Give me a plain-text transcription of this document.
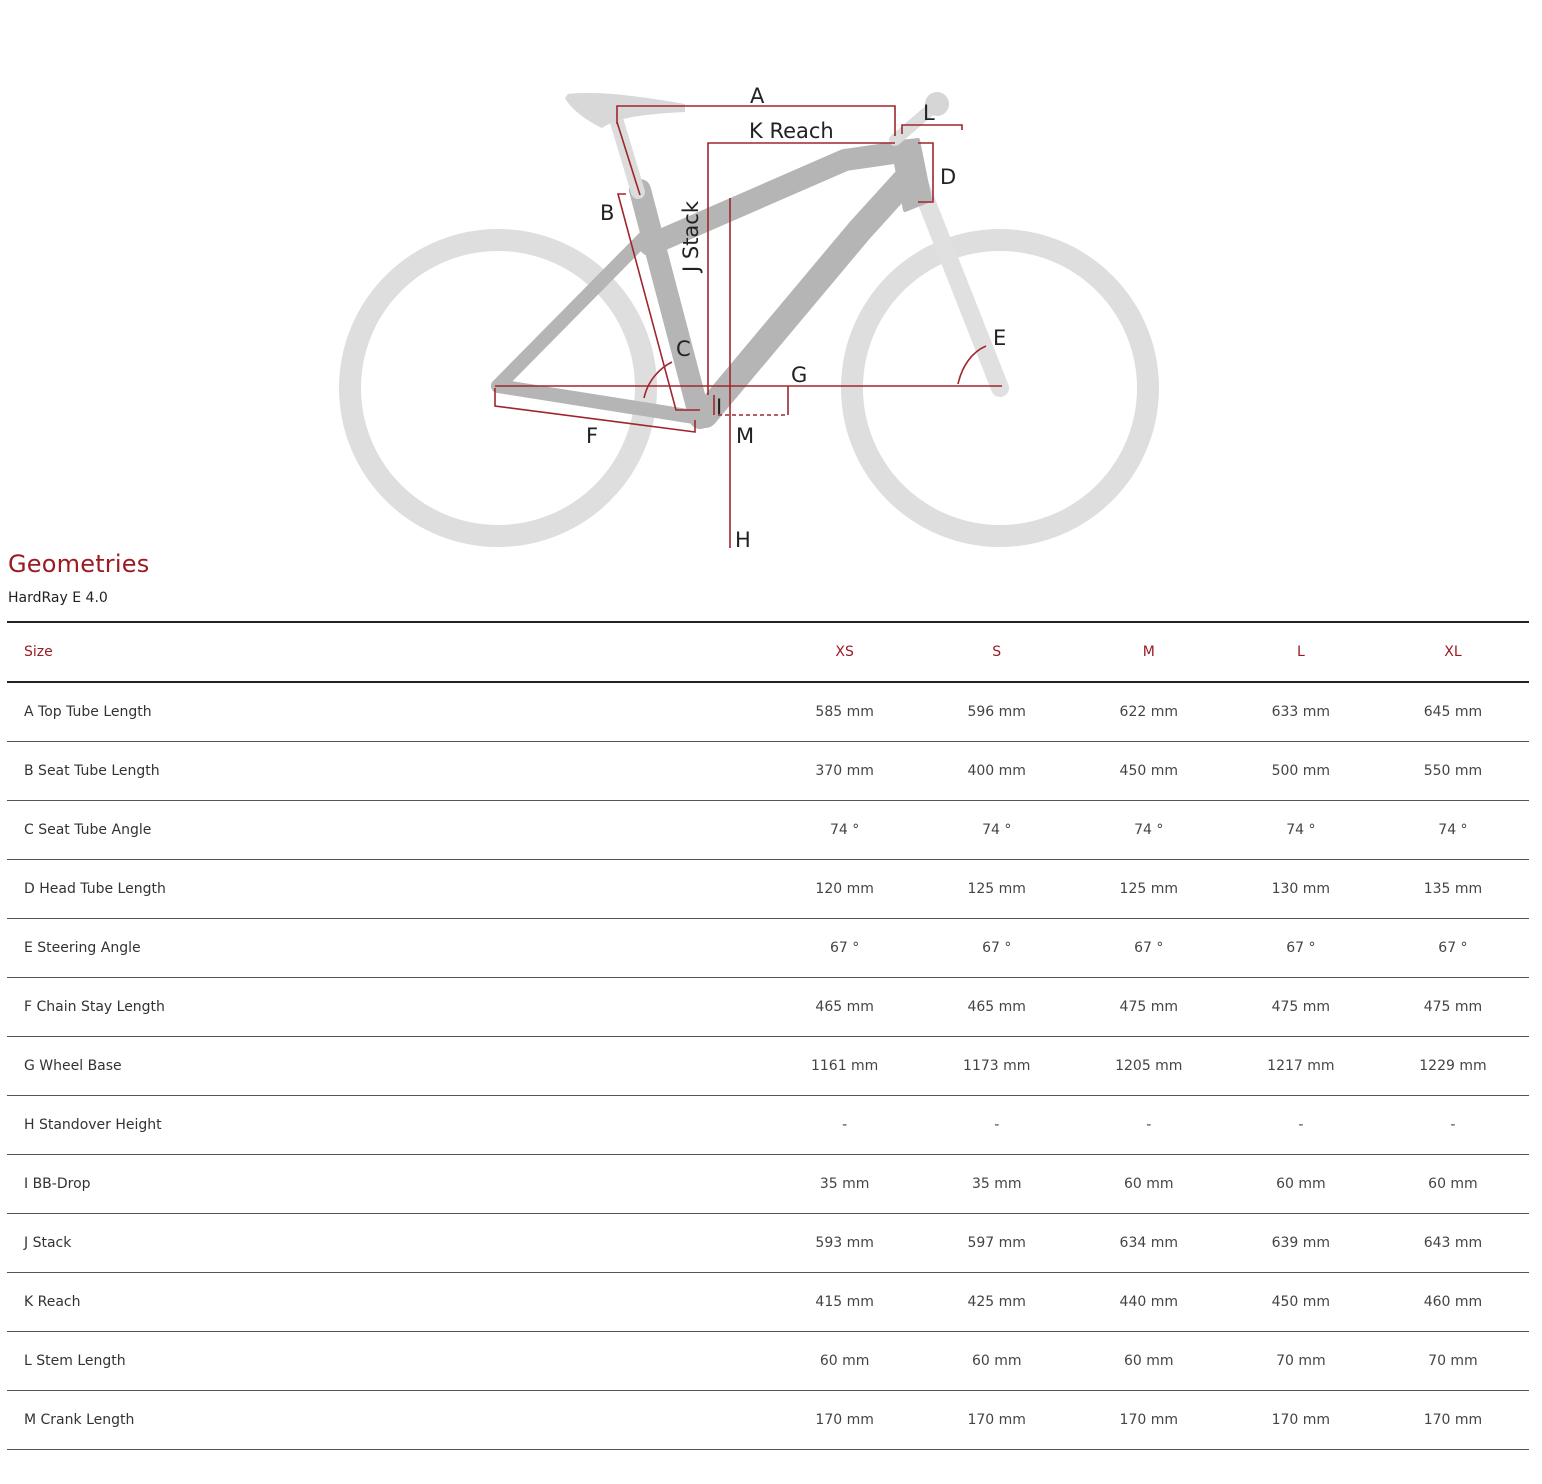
A
K Reach
L
D
B	J Stack
C	E
G
I
F	M
H
Geometries
HardRay E 4.0
Size	XS	S	M	L	XL
A Top Tube Length	585 mm	596 mm	622 mm	633 mm	645 mm
B Seat Tube Length	370 mm	400 mm	450 mm	500 mm	550 mm
C Seat Tube Angle	74 °	74 °	74 °	74 °	74 °
D Head Tube Length	120 mm	125 mm	125 mm	130 mm	135 mm
E Steering Angle	67 °	67 °	67 °	67 °	67 °
F Chain Stay Length	465 mm	465 mm	475 mm	475 mm	475 mm
G Wheel Base	1161 mm	1173 mm	1205 mm	1217 mm	1229 mm
H Standover Height	-	-	-	-	-
I BB-Drop	35 mm	35 mm	60 mm	60 mm	60 mm
J Stack	593 mm	597 mm	634 mm	639 mm	643 mm
K Reach	415 mm	425 mm	440 mm	450 mm	460 mm
L Stem Length	60 mm	60 mm	60 mm	70 mm	70 mm
M Crank Length	170 mm	170 mm	170 mm	170 mm	170 mm
